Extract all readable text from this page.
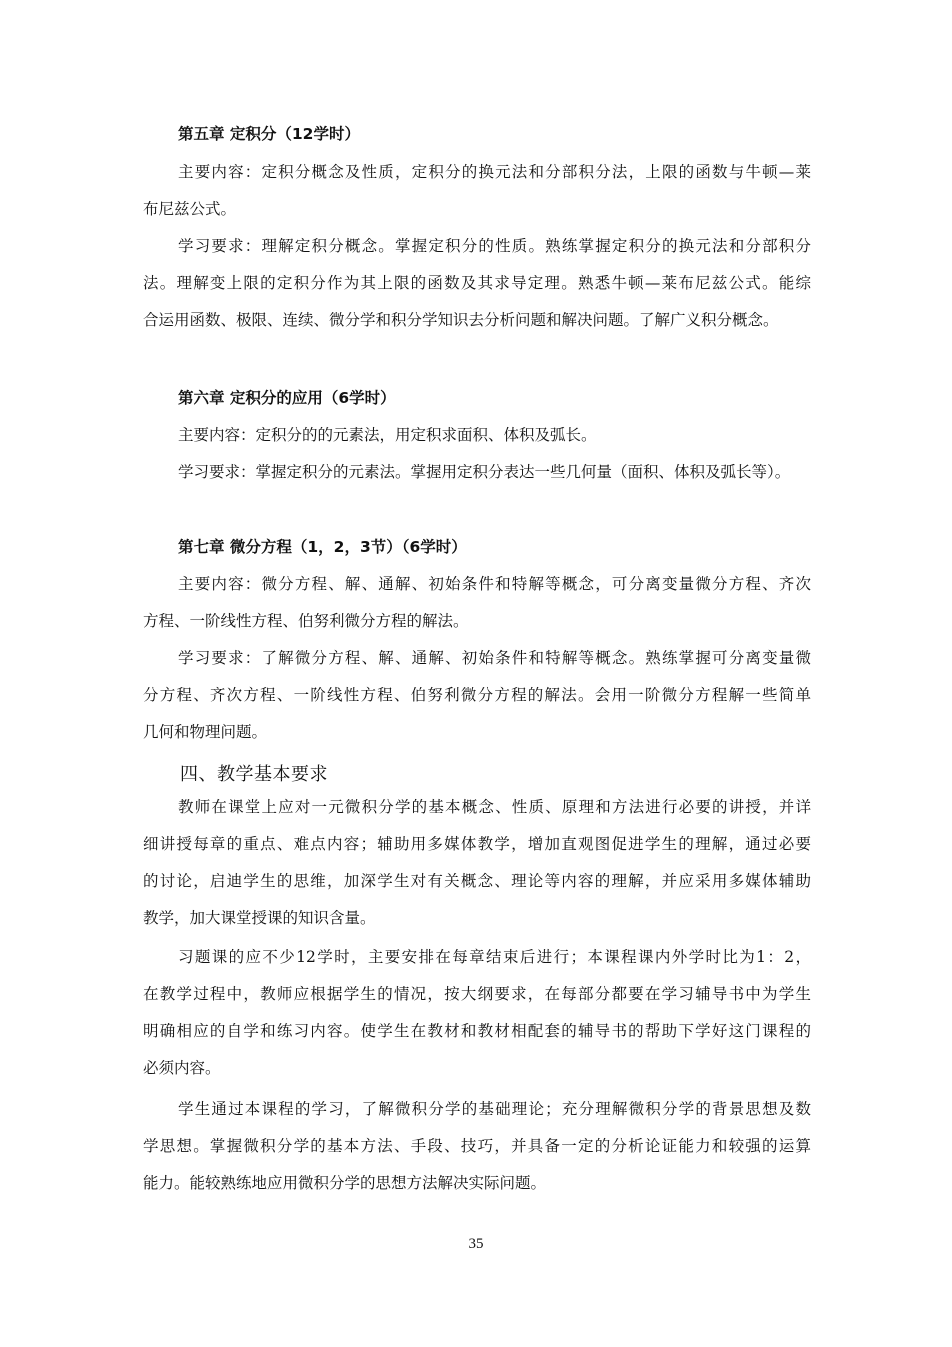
第五章 定积分（12学时）
主要内容：定积分概念及性质，定积分的换元法和分部积分法，上限的函数与牛顿—莱
布尼兹公式。
学习要求：理解定积分概念。掌握定积分的性质。熟练掌握定积分的换元法和分部积分
法。理解变上限的定积分作为其上限的函数及其求导定理。熟悉牛顿—莱布尼兹公式。能综
合运用函数、极限、连续、微分学和积分学知识去分析问题和解决问题。了解广义积分概念。
第六章 定积分的应用（6学时）
主要内容：定积分的的元素法，用定积求面积、体积及弧长。
学习要求：掌握定积分的元素法。掌握用定积分表达一些几何量（面积、体积及弧长等）。
第七章 微分方程（1，2，3节）（6学时）
主要内容：微分方程、解、通解、初始条件和特解等概念，可分离变量微分方程、齐次
方程、一阶线性方程、伯努利微分方程的解法。
学习要求：了解微分方程、解、通解、初始条件和特解等概念。熟练掌握可分离变量微
分方程、齐次方程、一阶线性方程、伯努利微分方程的解法。会用一阶微分方程解一些简单
几何和物理问题。
四、教学基本要求
教师在课堂上应对一元微积分学的基本概念、性质、原理和方法进行必要的讲授，并详
细讲授每章的重点、难点内容；辅助用多媒体教学，增加直观图促进学生的理解，通过必要
的讨论，启迪学生的思维，加深学生对有关概念、理论等内容的理解，并应采用多媒体辅助
教学，加大课堂授课的知识含量。
习题课的应不少12学时，主要安排在每章结束后进行；本课程课内外学时比为1：2，
在教学过程中，教师应根据学生的情况，按大纲要求，在每部分都要在学习辅导书中为学生
明确相应的自学和练习内容。使学生在教材和教材相配套的辅导书的帮助下学好这门课程的
必须内容。
学生通过本课程的学习，了解微积分学的基础理论；充分理解微积分学的背景思想及数
学思想。掌握微积分学的基本方法、手段、技巧，并具备一定的分析论证能力和较强的运算
能力。能较熟练地应用微积分学的思想方法解决实际问题。
35
